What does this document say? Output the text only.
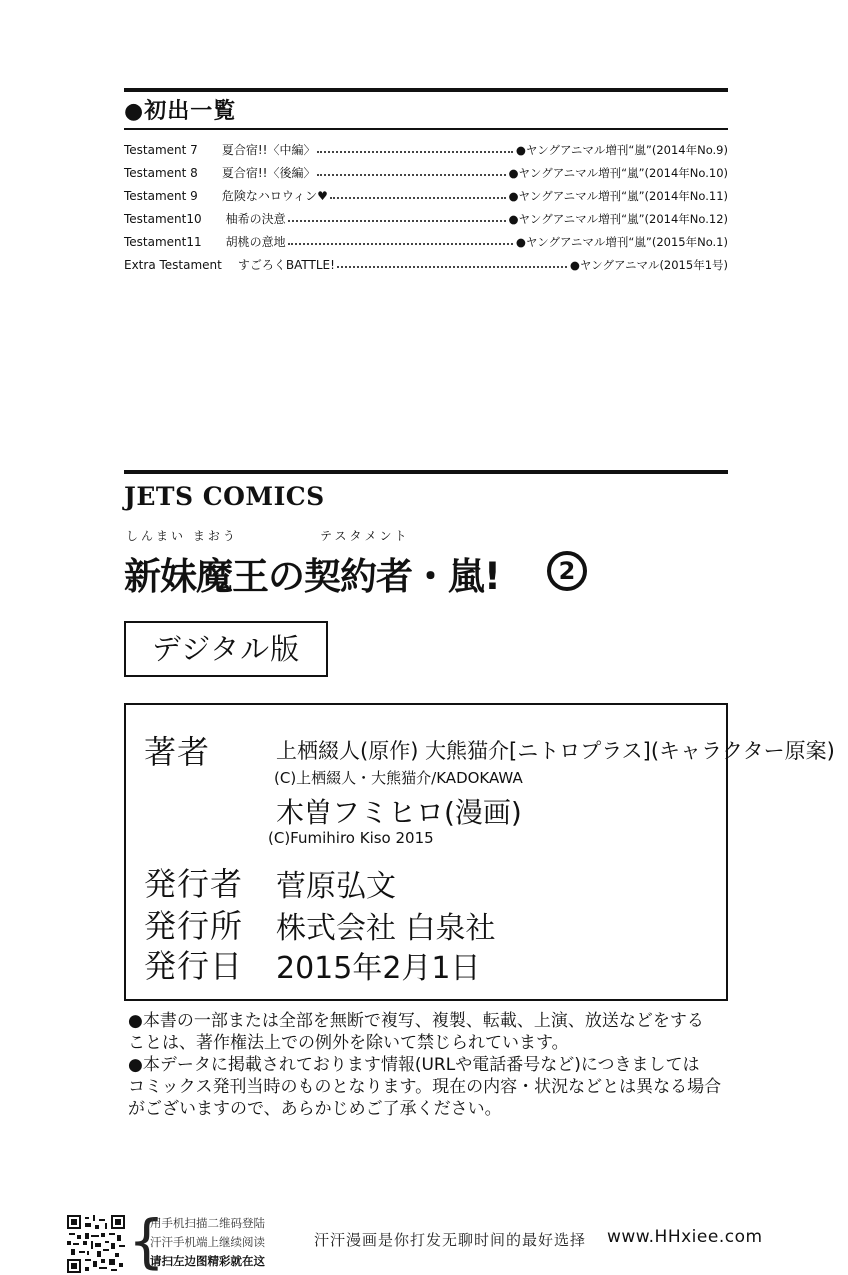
●初出一覧
Testament 7 夏合宿!!〈中編〉	●ヤングアニマル増刊“嵐”(2014年No.9)
Testament 8 夏合宿!!〈後編〉	●ヤングアニマル増刊“嵐”(2014年No.10)
Testament 9 危険なハロウィン♥	●ヤングアニマル増刊“嵐”(2014年No.11)
Testament10 柚希の決意	●ヤングアニマル増刊“嵐”(2014年No.12)
Testament11 胡桃の意地	●ヤングアニマル増刊“嵐”(2015年No.1)
Extra Testament すごろくBATTLE!	●ヤングアニマル(2015年1号)
JETS COMICS
しんまい まおう	テスタメント
新妹魔王の契約者・嵐!	2
デジタル版
著者	上栖綴人(原作) 大熊猫介[ニトロプラス](キャラクター原案)
(C)上栖綴人・大熊猫介/KADOKAWA
木曽フミヒロ(漫画)
(C)Fumihiro Kiso 2015
発行者 菅原弘文
発行所 株式会社 白泉社
発行日 2015年2月1日

●本書の一部または全部を無断で複写、複製、転載、上演、放送などをする

ことは、著作権法上での例外を除いて禁じられています。

●本データに掲載されております情報(URLや電話番号など)につきましては

コミックス発刊当時のものとなります。現在の内容・状況などとは異なる場合

がございますので、あらかじめご了承ください。

{
用手机扫描二维码登陆
汗汗手机端上继续阅读
请扫左边图精彩就在这
汗汗漫画是你打发无聊时间的最好选择 www.HHxiee.com
